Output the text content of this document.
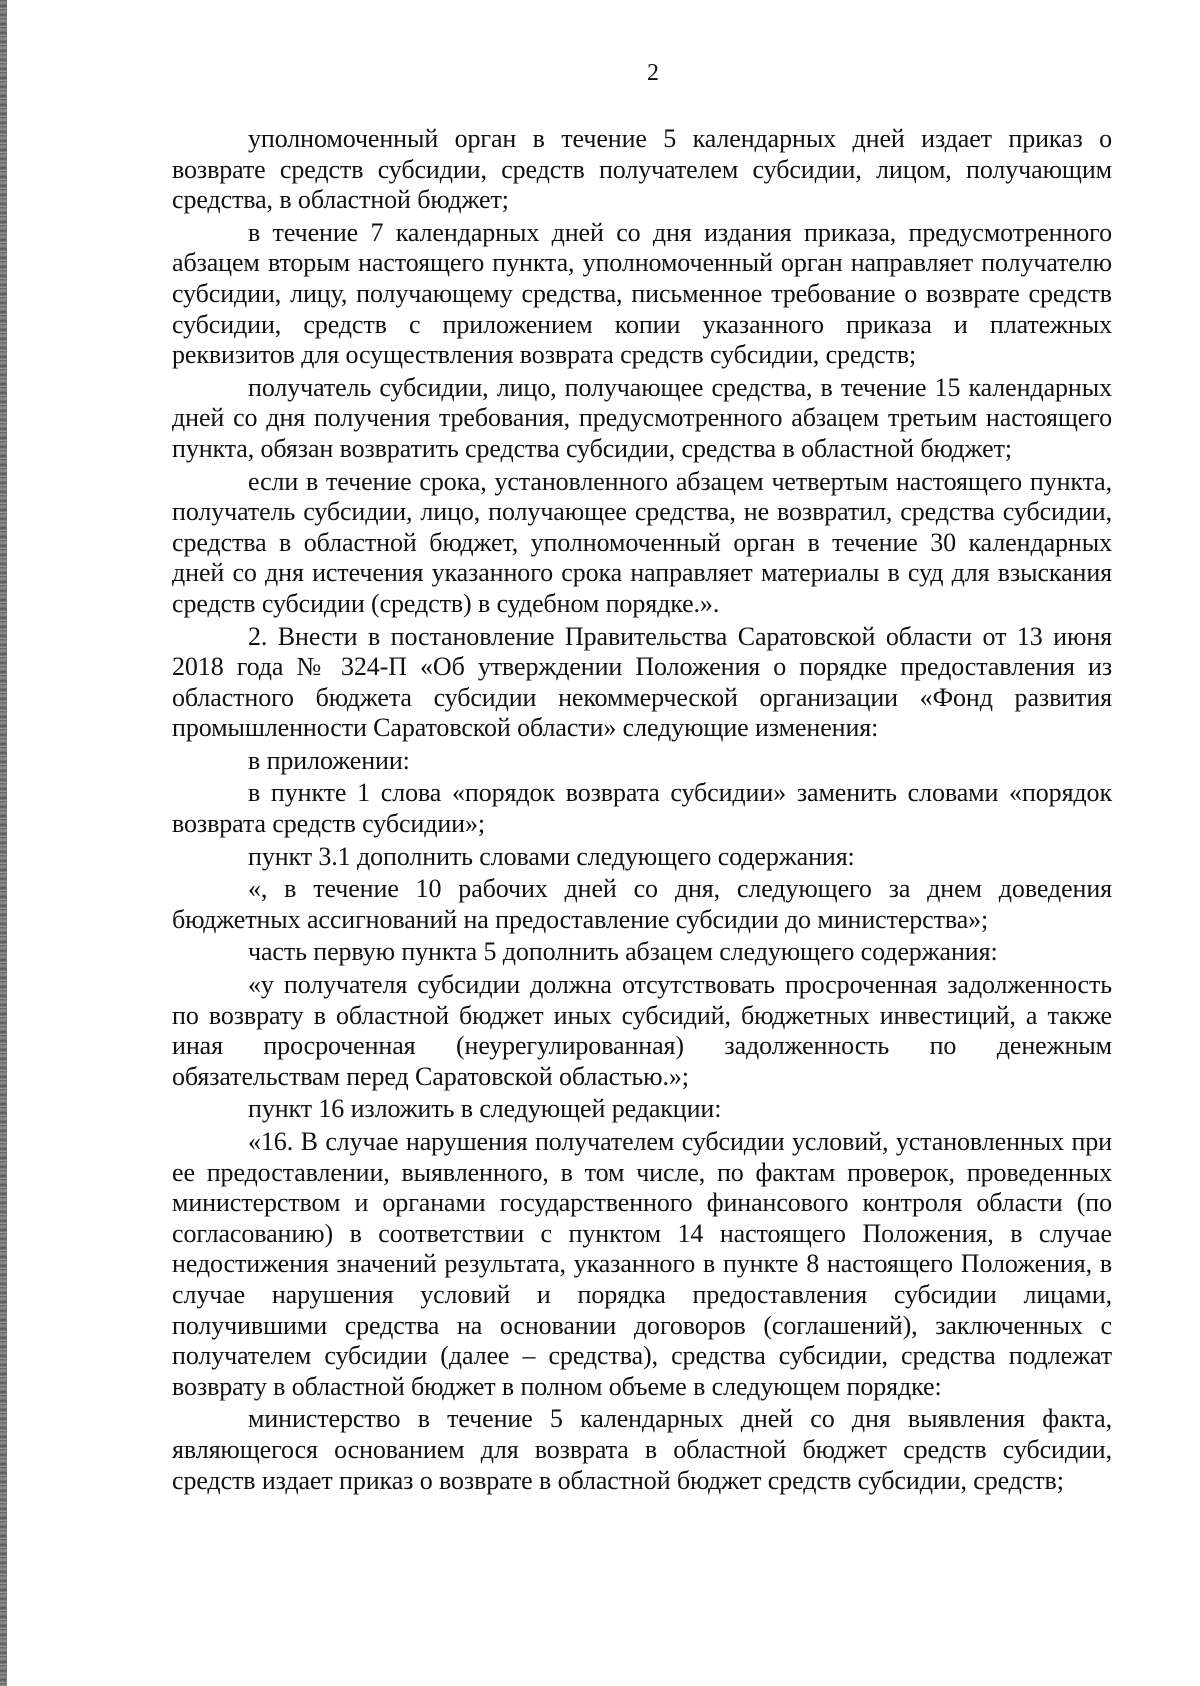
2

уполномоченный орган в течение 5 календарных дней издает приказ о возврате средств субсидии, средств получателем субсидии, лицом, получающим средства, в областной бюджет;

в течение 7 календарных дней со дня издания приказа, предусмотренного абзацем вторым настоящего пункта, уполномоченный орган направляет получателю субсидии, лицу, получающему средства, письменное требование о возврате средств субсидии, средств с приложением копии указанного приказа и платежных реквизитов для осуществления возврата средств субсидии, средств;

получатель субсидии, лицо, получающее средства, в течение 15 календарных дней со дня получения требования, предусмотренного абзацем третьим настоящего пункта, обязан возвратить средства субсидии, средства в областной бюджет;

если в течение срока, установленного абзацем четвертым настоящего пункта, получатель субсидии, лицо, получающее средства, не возвратил, средства субсидии, средства в областной бюджет, уполномоченный орган в течение 30 календарных дней со дня истечения указанного срока направляет материалы в суд для взыскания средств субсидии (средств) в судебном порядке.».

2. Внести в постановление Правительства Саратовской области от 13 июня 2018 года № 324-П «Об утверждении Положения о порядке предоставления из областного бюджета субсидии некоммерческой организации «Фонд развития промышленности Саратовской области» следующие изменения:

в приложении:

в пункте 1 слова «порядок возврата субсидии» заменить словами «порядок возврата средств субсидии»;

пункт 3.1 дополнить словами следующего содержания:

«, в течение 10 рабочих дней со дня, следующего за днем доведения бюджетных ассигнований на предоставление субсидии до министерства»;

часть первую пункта 5 дополнить абзацем следующего содержания:

«у получателя субсидии должна отсутствовать просроченная задолженность по возврату в областной бюджет иных субсидий, бюджетных инвестиций, а также иная просроченная (неурегулированная) задолженность по денежным обязательствам перед Саратовской областью.»;

пункт 16 изложить в следующей редакции:

«16. В случае нарушения получателем субсидии условий, установленных при ее предоставлении, выявленного, в том числе, по фактам проверок, проведенных министерством и органами государственного финансового контроля области (по согласованию) в соответствии с пунктом 14 настоящего Положения, в случае недостижения значений результата, указанного в пункте 8 настоящего Положения, в случае нарушения условий и порядка предоставления субсидии лицами, получившими средства на основании договоров (соглашений), заключенных с получателем субсидии (далее – средства), средства субсидии, средства подлежат возврату в областной бюджет в полном объеме в следующем порядке:

министерство в течение 5 календарных дней со дня выявления факта, являющегося основанием для возврата в областной бюджет средств субсидии, средств издает приказ о возврате в областной бюджет средств субсидии, средств;
